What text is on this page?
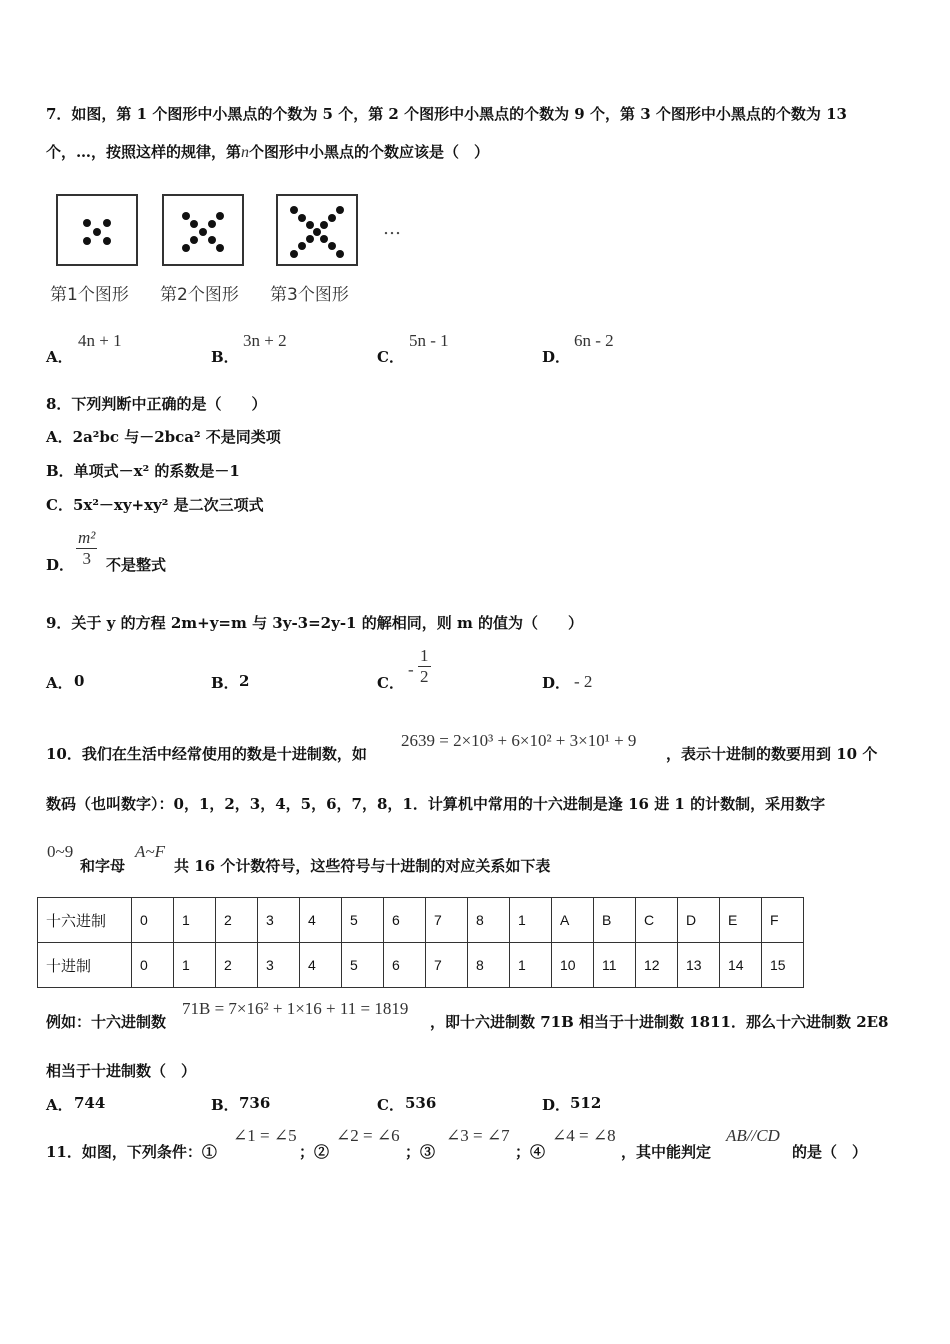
7．如图，第 1 个图形中小黑点的个数为 5 个，第 2 个图形中小黑点的个数为 9 个，第 3 个图形中小黑点的个数为 13
个，…，按照这样的规律，第n个图形中小黑点的个数应该是（　）
…
第1个图形 第2个图形 第3个图形
A．
4n + 1
B．
3n + 2
C．
5n - 1
D．
6n - 2
8．下列判断中正确的是（　　）
A．2a²bc 与－2bca² 不是同类项
B．单项式－x² 的系数是－1
C．5x²－xy+xy² 是二次三项式
D． $\frac{\text{m²}}{3}$ 不是整式
9．关于 y 的方程 2m+y=m 与 3y-3=2y-1 的解相同，则 m 的值为（　　）
A． 0	B． 2	C．
- $\frac{1}{2}$	D． - 2
10．我们在生活中经常使用的数是十进制数，如
2639 = 2×10³ + 6×10² + 3×10¹ + 9
，表示十进制的数要用到 10 个
数码（也叫数字）：0，1，2，3，4，5，6，7，8，1．计算机中常用的十六进制是逢 16 进 1 的计数制，采用数字
0~9
和字母
A~F
共 16 个计数符号，这些符号与十进制的对应关系如下表
十六进制	0	1	2	3	4	5	6	7	8	1	A	B	C	D	E	F
十进制	0	1	2	3	4	5	6	7	8	1	10	11	12	13	14	15
例如：十六进制数
71B = 7×16² + 1×16 + 11 = 1819
，即十六进制数 71B 相当于十进制数 1811．那么十六进制数 2E8
相当于十进制数（　）
A． 744	B． 736	C． 536	D． 512
11．如图，下列条件：①
∠1 = ∠5
；②
∠2 = ∠6
；③
∠3 = ∠7
；④
∠4 = ∠8
，其中能判定
AB//CD
的是（　）
